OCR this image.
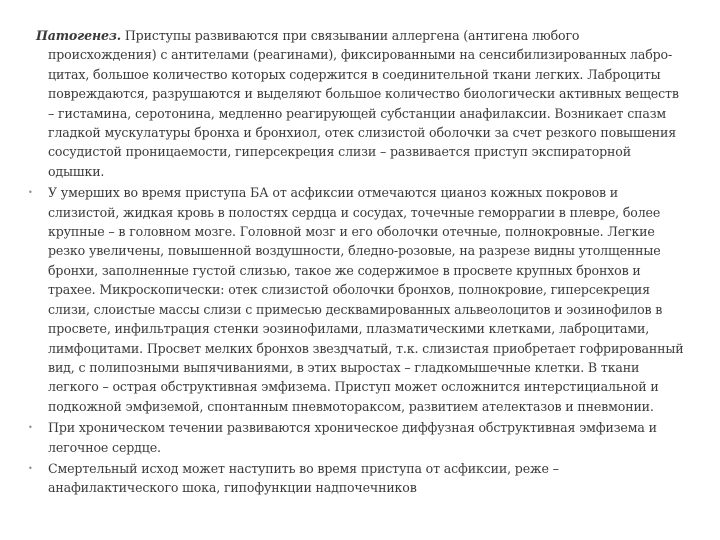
Патогенез. Приступы развиваются при связывании аллергена (антигена любого происхождения) с антителами (реагинами), фиксированными на сенсибилизированных лаброцитах, большое количество которых содержится в соединительной ткани легких. Лаброциты повреждаются, разрушаются и выделяют большое количество биологически активных веществ – гистамина, серотонина, медленно реагирующей субстанции анафилаксии. Возникает спазм гладкой мускулатуры бронха и бронхиол, отек слизистой оболочки за счет резкого повышения сосудистой проницаемости, гиперсекреция слизи – развивается приступ экспираторной одышки.

• У умерших во время приступа БА от асфиксии отмечаются цианоз кожных покровов и слизистой, жидкая кровь в полостях сердца и сосудах, точечные геморрагии в плевре, более крупные – в головном мозге. Головной мозг и его оболочки отечные, полнокровные. Легкие резко увеличены, повышенной воздушности, бледно-розовые, на разрезе видны утолщенные бронхи, заполненные густой слизью, такое же содержимое в просвете крупных бронхов и трахее. Микроскопически: отек слизистой оболочки бронхов, полнокровие, гиперсекреция слизи, слоистые массы слизи с примесью десквамированных альвеолоцитов и эозинофилов в просвете, инфильтрация стенки эозинофилами, плазматическими клетками, лаброцитами, лимфоцитами. Просвет мелких бронхов звездчатый, т.к. слизистая приобретает гофрированный вид, с полипозными выпячиваниями, в этих выростах – гладкомышечные клетки. В ткани легкого – острая обструктивная эмфизема. Приступ может осложнится интерстициальной и подкожной эмфиземой, спонтанным пневмотораксом, развитием ателектазов и пневмонии.

• При хроническом течении развиваются хроническое диффузная обструктивная эмфизема и легочное сердце.

• Смертельный исход может наступить во время приступа от асфиксии, реже – анафилактического шока, гипофункции надпочечников
